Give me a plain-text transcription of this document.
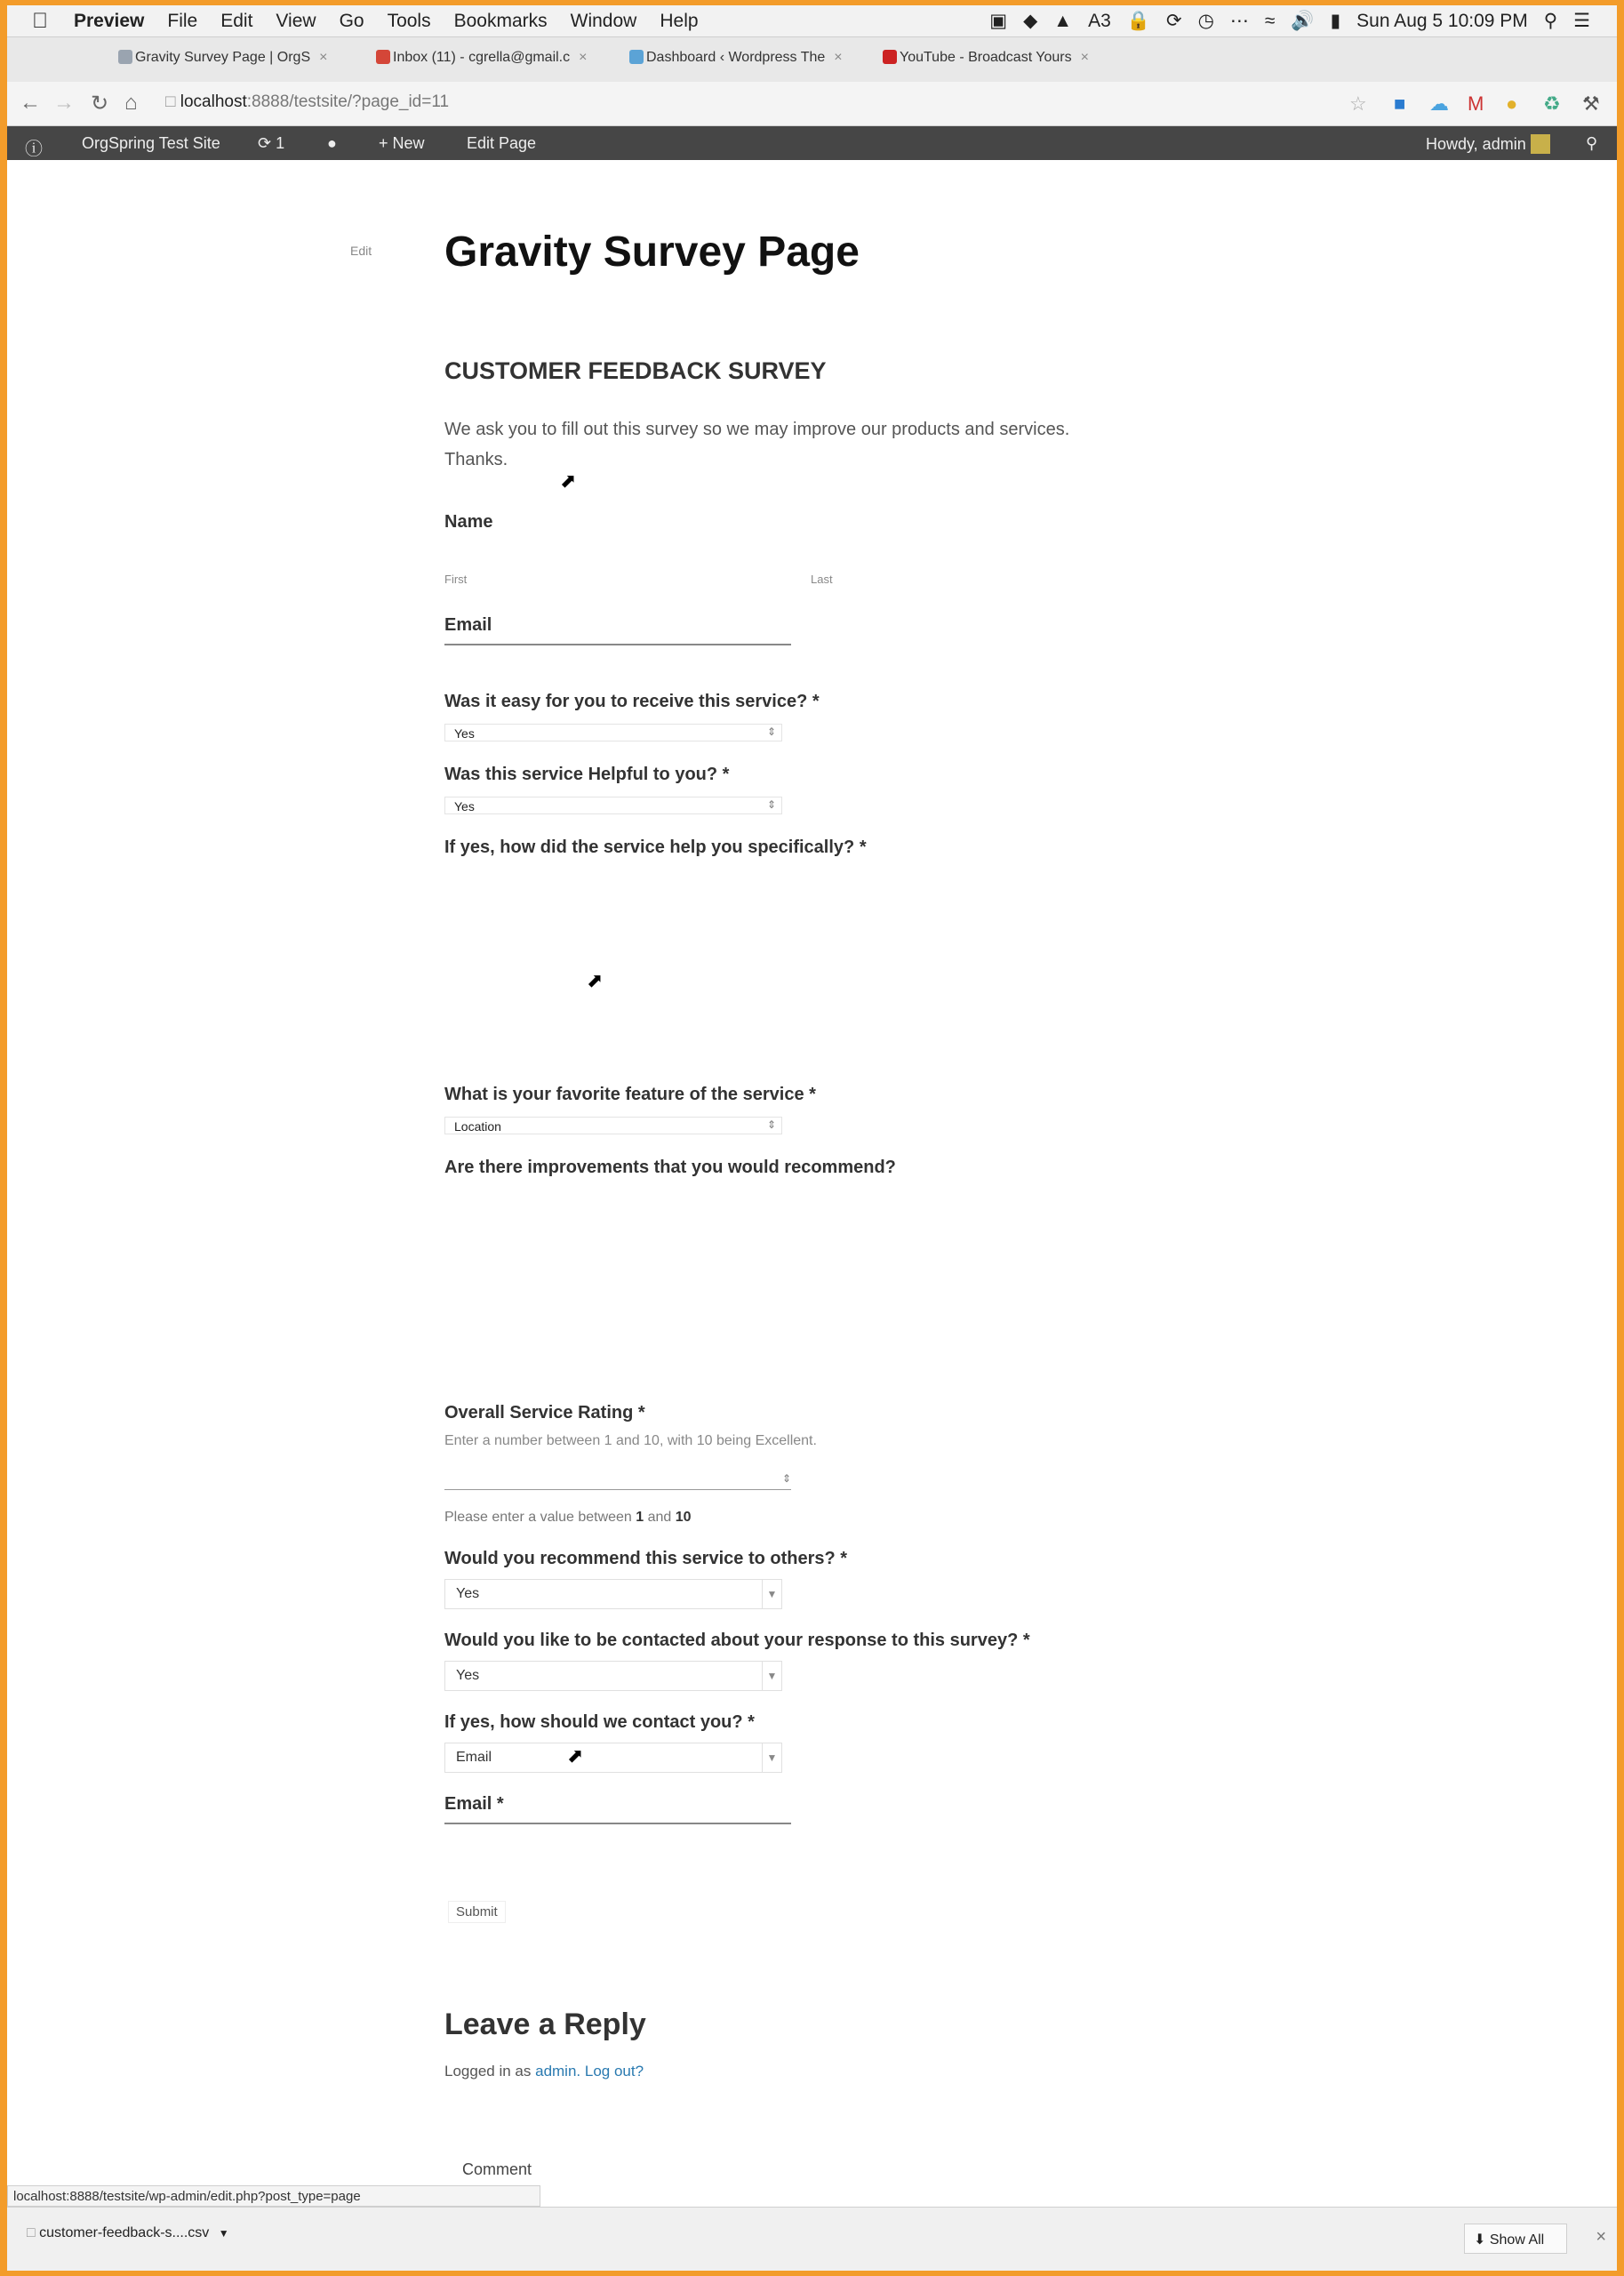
Preview File Edit View Go Tools Bookmarks Window Help	▣ ◆ ▲ A3 🔒 ⟳ ◷ ⋯ ≈ 🔊 ▮ Sun Aug 5 10:09 PM ⚲ ☰
Gravity Survey Page | OrgS ×	Inbox (11) - cgrella@gmail.c ×	Dashboard ‹ Wordpress The ×	YouTube - Broadcast Yours ×
← → ↻ ⌂ □ localhost:8888/testsite/?page_id=11	☆ ■ ☁ M ● ♻ ⚒
ⓘ OrgSpring Test Site ⟳ 1	●	+ New	Edit Page	Howdy, admin	⚲
Edit Gravity Survey Page
CUSTOMER FEEDBACK SURVEY

We ask you to fill out this survey so we may improve our products and services.

Thanks.

⬈
Name
First	Last
Email
Was it easy for you to receive this service? *
Yes	⇕
Was this service Helpful to you? *
Yes	⇕
If yes, how did the service help you specifically? *
⬈
What is your favorite feature of the service *
Location	⇕
Are there improvements that you would recommend?
Overall Service Rating *
Enter a number between 1 and 10, with 10 being Excellent.
⇕
Please enter a value between 1 and 10
Would you recommend this service to others? *
Yes	▼
Would you like to be contacted about your response to this survey? *
Yes	▼
If yes, how should we contact you? *
Email	▼
⬈
Email *
Submit
Leave a Reply
Logged in as admin. Log out?
Comment
localhost:8888/testsite/wp-admin/edit.php?post_type=page
□ customer-feedback-s....csv ▼	⬇ Show All	×
